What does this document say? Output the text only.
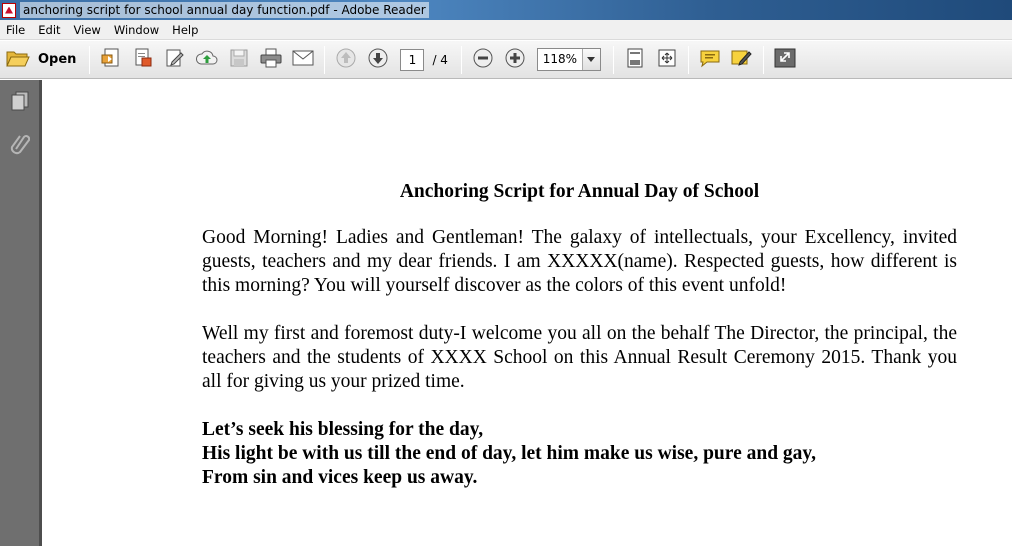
anchoring script for school annual day function.pdf - Adobe Reader
File Edit View Window Help
Open	1	/ 4	118%
Anchoring Script for Annual Day of School

Good Morning! Ladies and Gentleman! The galaxy of intellectuals, your Excellency, invited guests, teachers and my dear friends. I am XXXXX(name). Respected guests, how different is this morning? You will yourself discover as the colors of this event unfold!

Well my first and foremost duty-I welcome you all on the behalf The Director, the principal, the teachers and the students of XXXX School on this Annual Result Ceremony 2015. Thank you all for giving us your prized time.

Let’s seek his blessing for the day,
His light be with us till the end of day, let him make us wise, pure and gay,
From sin and vices keep us away.
